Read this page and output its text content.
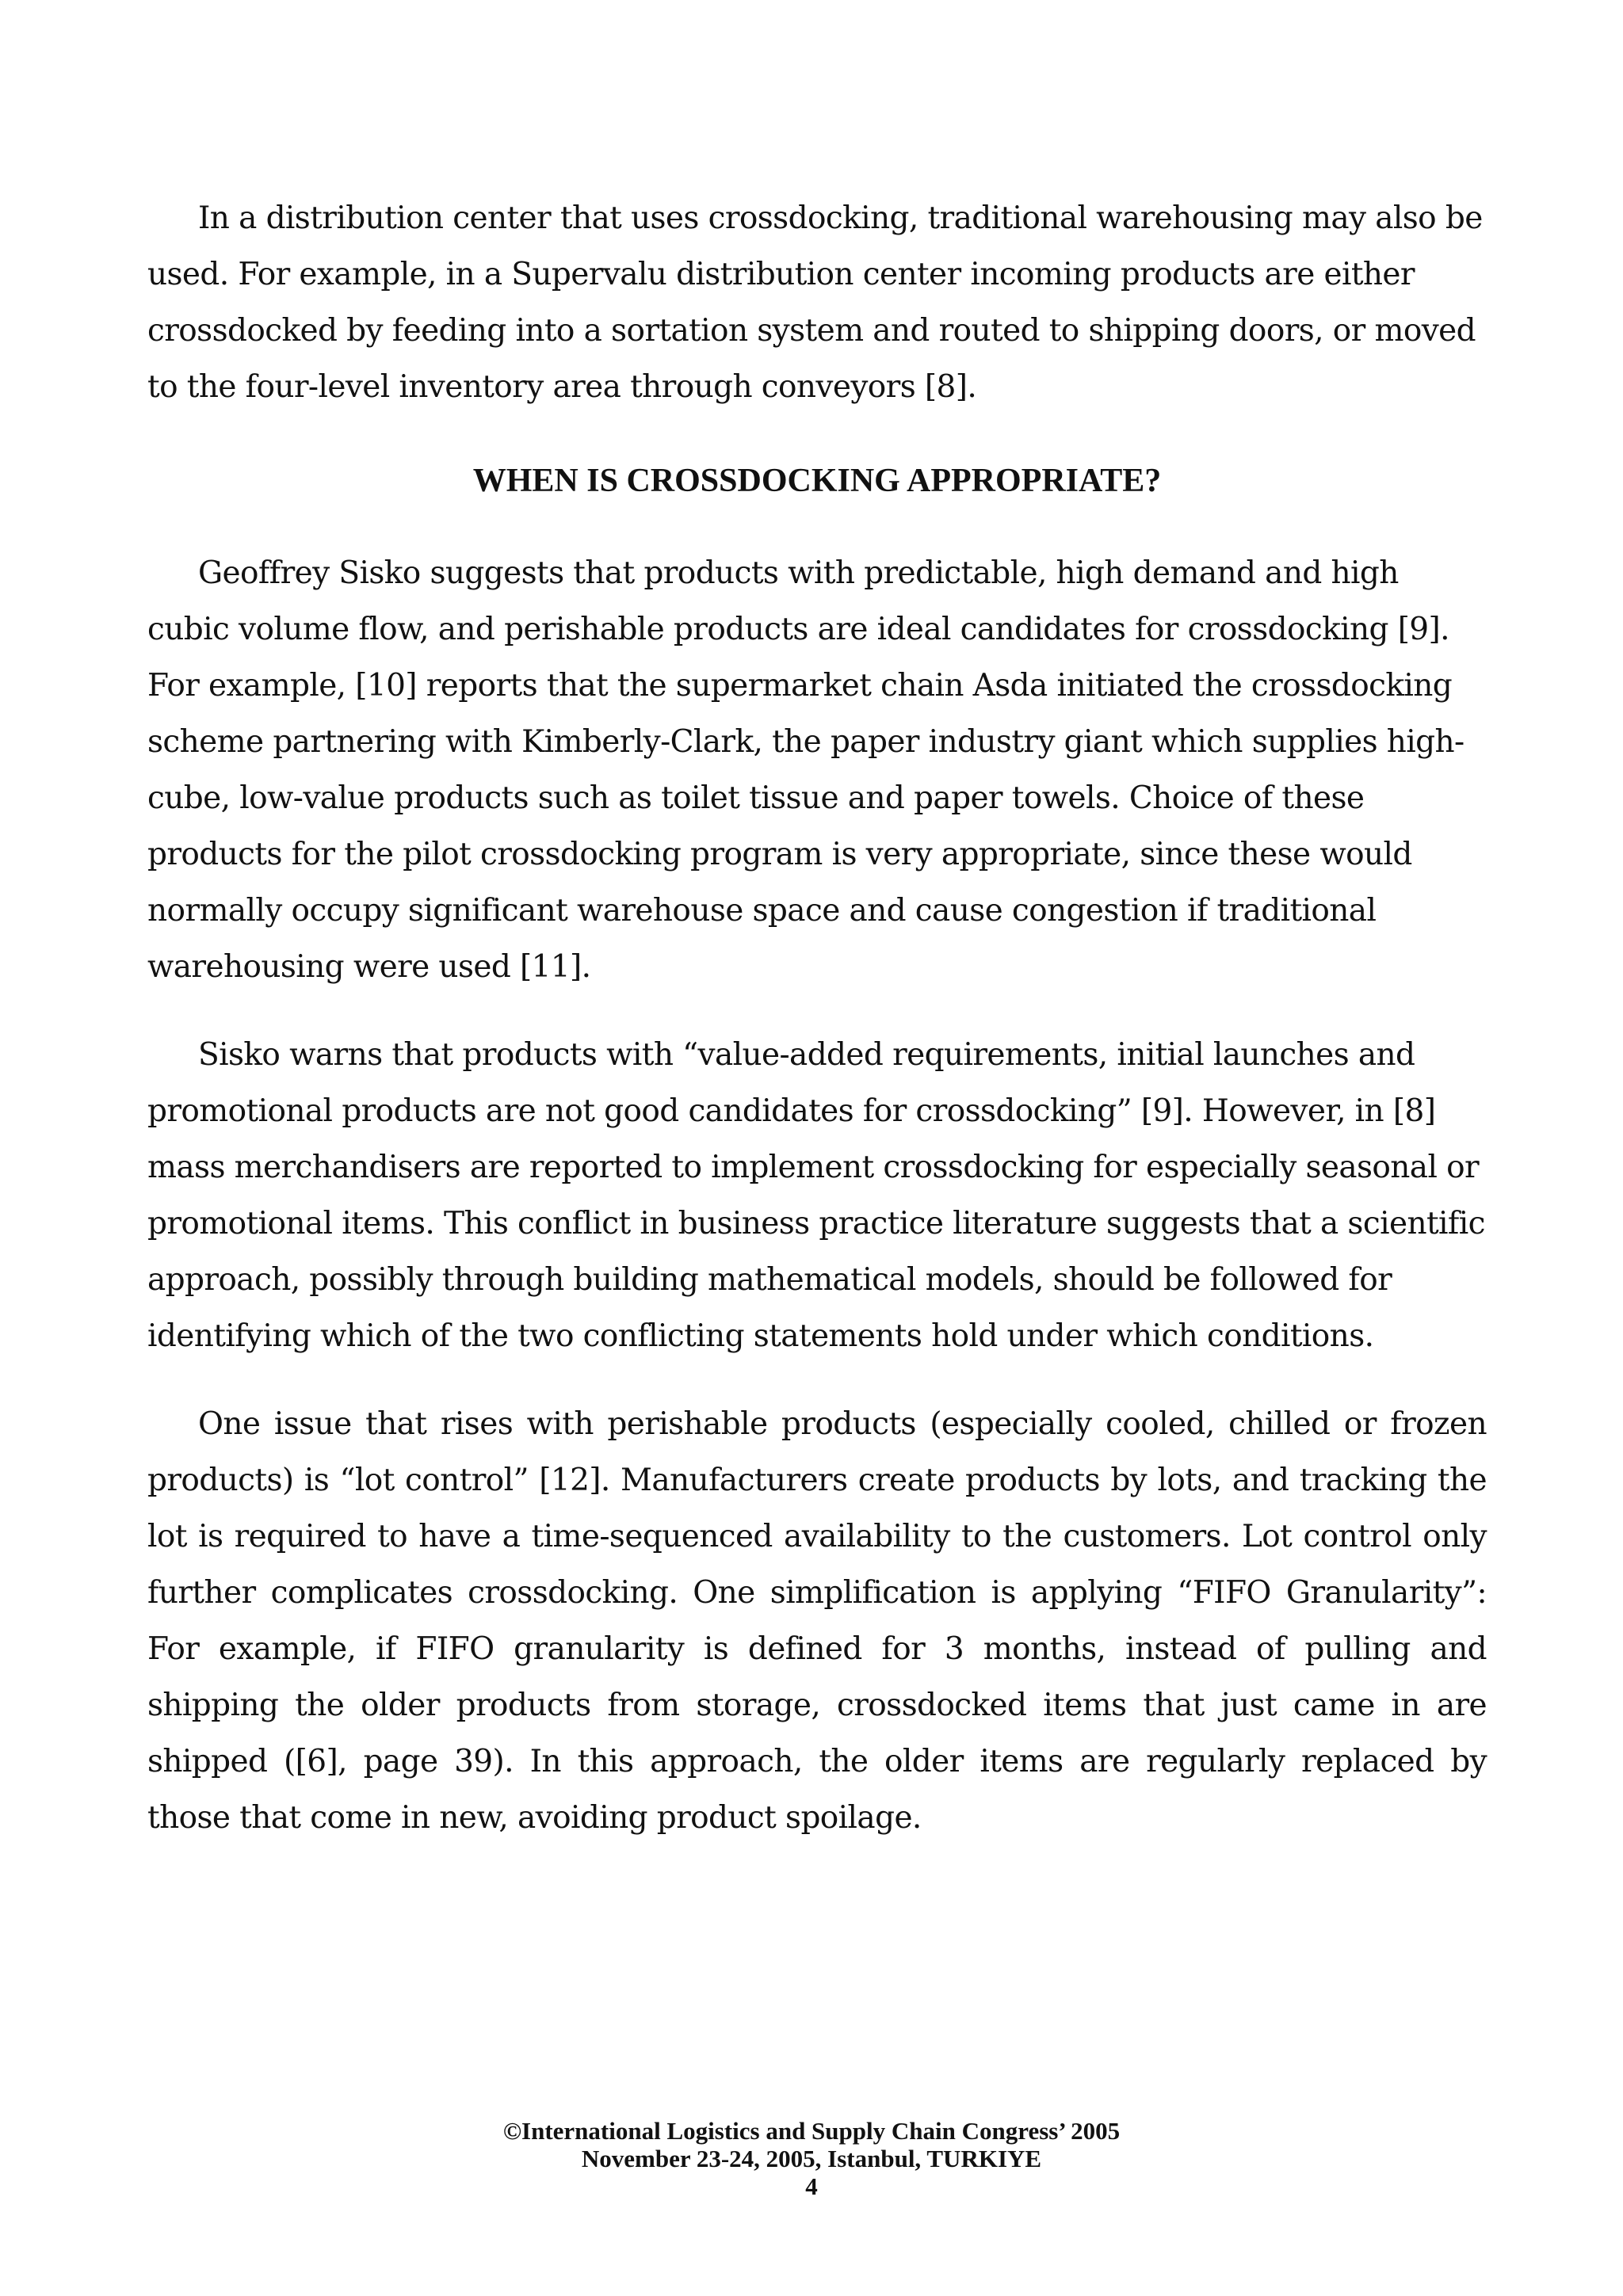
In a distribution center that uses crossdocking, traditional warehousing may also be used. For example, in a Supervalu distribution center incoming products are either crossdocked by feeding into a sortation system and routed to shipping doors, or moved to the four-level inventory area through conveyors [8].

WHEN IS CROSSDOCKING APPROPRIATE?

Geoffrey Sisko suggests that products with predictable, high demand and high cubic volume flow, and perishable products are ideal candidates for crossdocking [9]. For example, [10] reports that the supermarket chain Asda initiated the crossdocking scheme partnering with Kimberly-Clark, the paper industry giant which supplies high-cube, low-value products such as toilet tissue and paper towels. Choice of these products for the pilot crossdocking program is very appropriate, since these would normally occupy significant warehouse space and cause congestion if traditional warehousing were used [11].

Sisko warns that products with “value-added requirements, initial launches and promotional products are not good candidates for crossdocking” [9]. However, in [8] mass merchandisers are reported to implement crossdocking for especially seasonal or promotional items. This conflict in business practice literature suggests that a scientific approach, possibly through building mathematical models, should be followed for identifying which of the two conflicting statements hold under which conditions.

One issue that rises with perishable products (especially cooled, chilled or frozen products) is “lot control” [12]. Manufacturers create products by lots, and tracking the lot is required to have a time-sequenced availability to the customers. Lot control only further complicates crossdocking. One simplification is applying “FIFO Granularity”: For example, if FIFO granularity is defined for 3 months, instead of pulling and shipping the older products from storage, crossdocked items that just came in are shipped ([6], page 39). In this approach, the older items are regularly replaced by those that come in new, avoiding product spoilage.

©International Logistics and Supply Chain Congress’ 2005
November 23-24, 2005, Istanbul, TURKIYE
4
